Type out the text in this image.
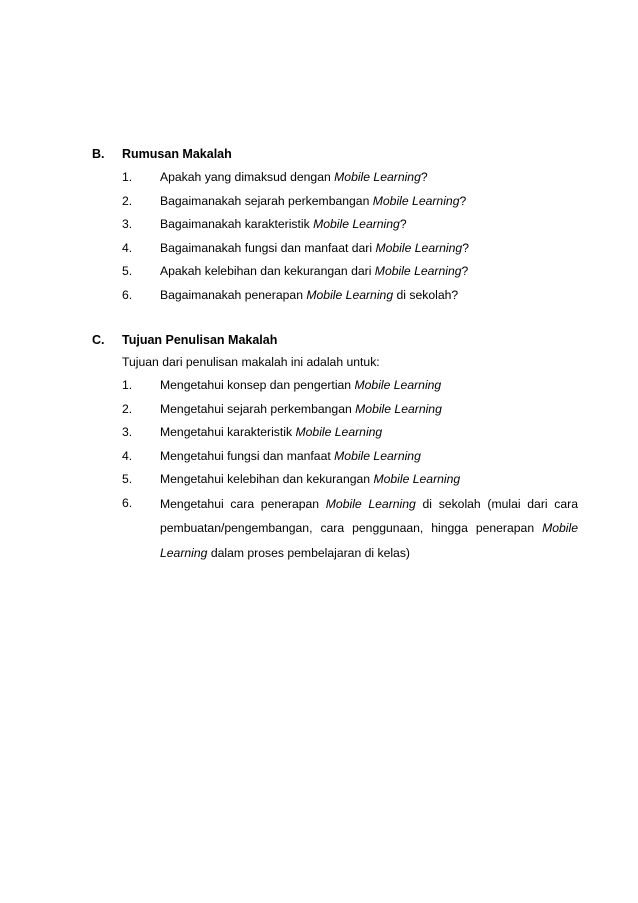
B.	Rumusan Makalah
1.	Apakah yang dimaksud dengan Mobile Learning?
2.	Bagaimanakah sejarah perkembangan Mobile Learning?
3.	Bagaimanakah karakteristik Mobile Learning?
4.	Bagaimanakah fungsi dan manfaat dari Mobile Learning?
5.	Apakah kelebihan dan kekurangan dari Mobile Learning?
6.	Bagaimanakah penerapan Mobile Learning di sekolah?
C.	Tujuan Penulisan Makalah
Tujuan dari penulisan makalah ini adalah untuk:
1.	Mengetahui konsep dan pengertian Mobile Learning
2.	Mengetahui sejarah perkembangan Mobile Learning
3.	Mengetahui karakteristik Mobile Learning
4.	Mengetahui fungsi dan manfaat Mobile Learning
5.	Mengetahui kelebihan dan kekurangan Mobile Learning
6.	Mengetahui cara penerapan Mobile Learning di sekolah (mulai dari cara pembuatan/pengembangan, cara penggunaan, hingga penerapan Mobile Learning dalam proses pembelajaran di kelas)
